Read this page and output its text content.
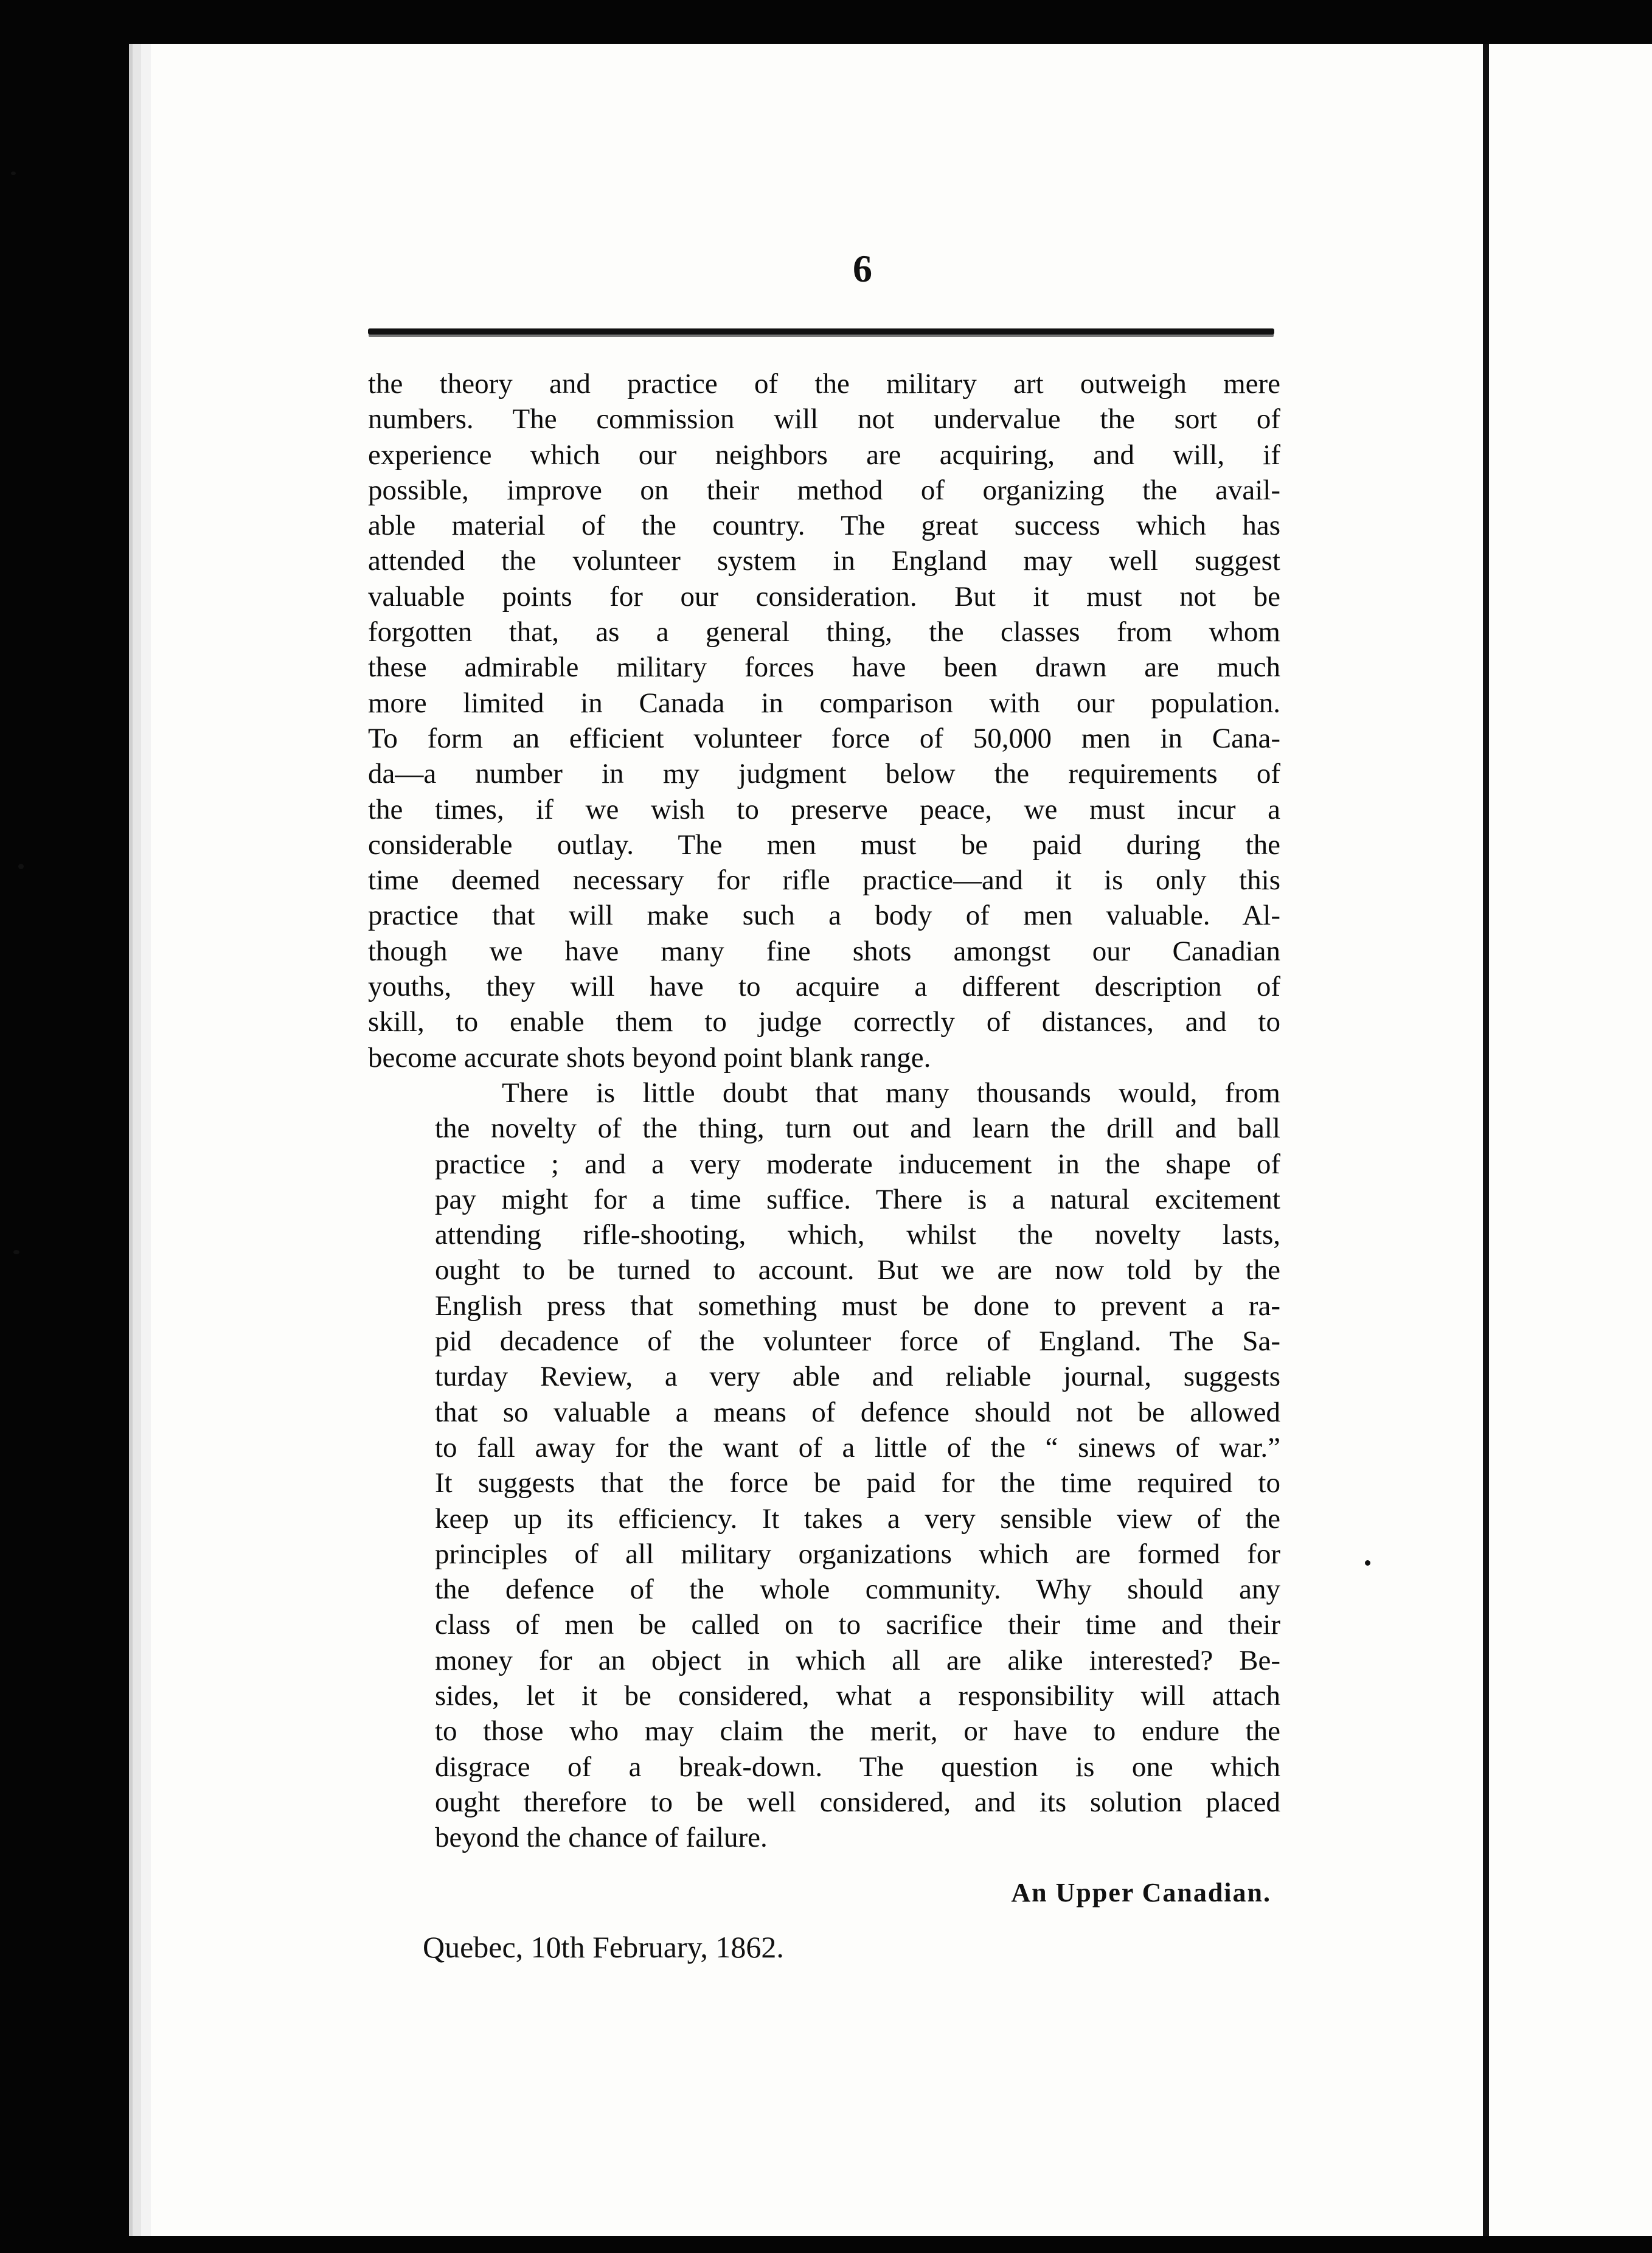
6

the theory and practice of the military art outweigh mere
numbers. The commission will not undervalue the sort of
experience which our neighbors are acquiring, and will, if
possible, improve on their method of organizing the avail-
able material of the country. The great success which has
attended the volunteer system in England may well suggest
valuable points for our consideration. But it must not be
forgotten that, as a general thing, the classes from whom
these admirable military forces have been drawn are much
more limited in Canada in comparison with our population.
To form an efficient volunteer force of 50,000 men in Cana-
da—a number in my judgment below the requirements of
the times, if we wish to preserve peace, we must incur a
considerable outlay. The men must be paid during the
time deemed necessary for rifle practice—and it is only this
practice that will make such a body of men valuable. Al-
though we have many fine shots amongst our Canadian
youths, they will have to acquire a different description of
skill, to enable them to judge correctly of distances, and to
become accurate shots beyond point blank range.

There is little doubt that many thousands would, from
the novelty of the thing, turn out and learn the drill and ball
practice ; and a very moderate inducement in the shape of
pay might for a time suffice. There is a natural excitement
attending rifle-shooting, which, whilst the novelty lasts,
ought to be turned to account. But we are now told by the
English press that something must be done to prevent a ra-
pid decadence of the volunteer force of England. The Sa-
turday Review, a very able and reliable journal, suggests
that so valuable a means of defence should not be allowed
to fall away for the want of a little of the “ sinews of war.”
It suggests that the force be paid for the time required to
keep up its efficiency. It takes a very sensible view of the
principles of all military organizations which are formed for
the defence of the whole community. Why should any
class of men be called on to sacrifice their time and their
money for an object in which all are alike interested? Be-
sides, let it be considered, what a responsibility will attach
to those who may claim the merit, or have to endure the
disgrace of a break-down. The question is one which
ought therefore to be well considered, and its solution placed
beyond the chance of failure.

An Upper Canadian.
Quebec, 10th February, 1862.
